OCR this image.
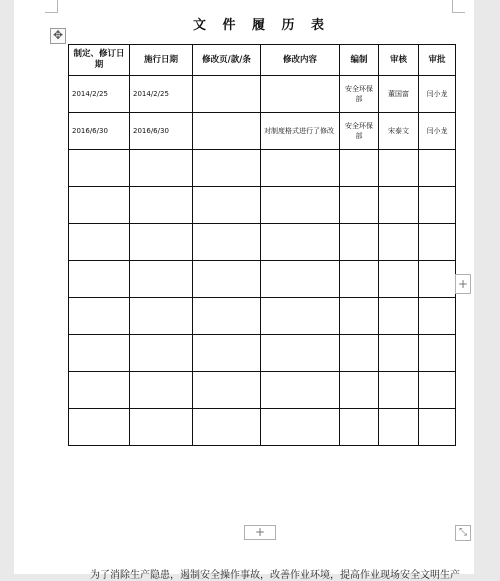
文 件 履 历 表
✥
制定、修订日期	施行日期	修改页/款/条	修改内容	编制	审核	审批
2014/2/25	2014/2/25			安全环保部	董国富	闫小龙
2016/6/30	2016/6/30		对制度格式进行了修改	安全环保部	宋泰文	闫小龙

+
+	⤡
为了消除生产隐患，遏制安全操作事故，改善作业环境，提高作业现场安全文明生产
